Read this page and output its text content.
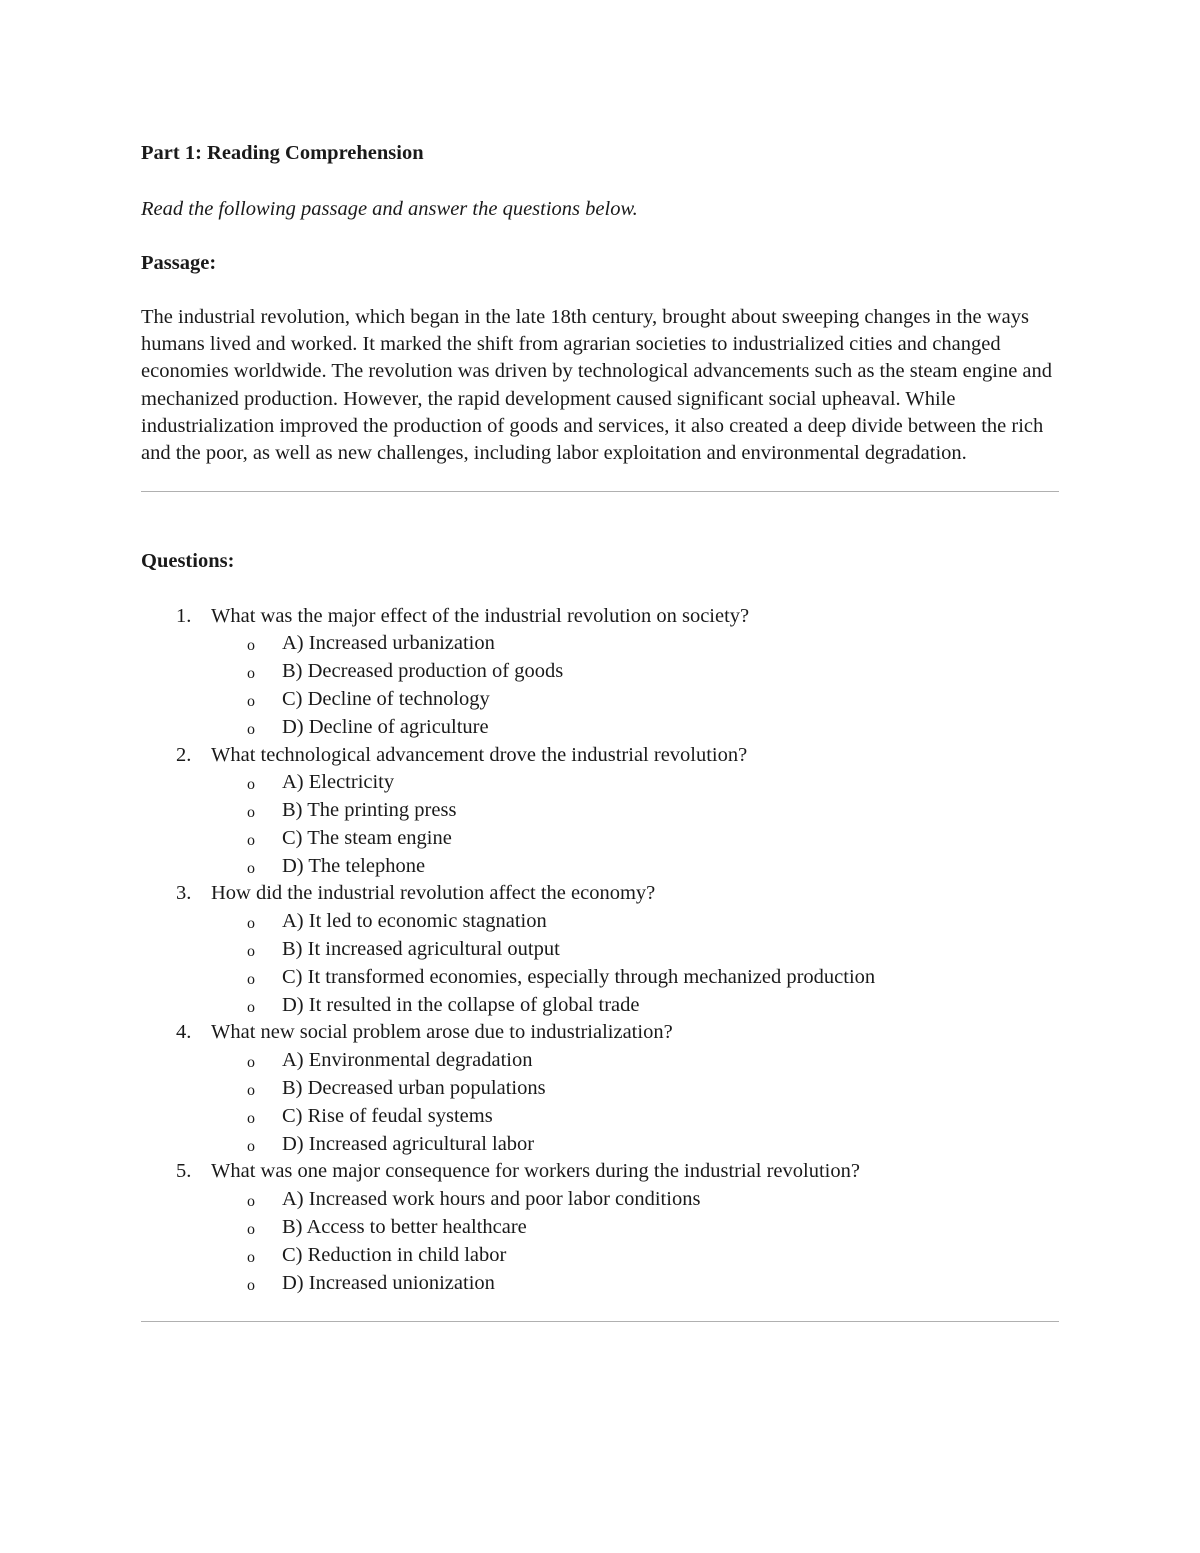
Part 1: Reading Comprehension
Read the following passage and answer the questions below.
Passage:
The industrial revolution, which began in the late 18th century, brought about sweeping changes in the ways humans lived and worked. It marked the shift from agrarian societies to industrialized cities and changed economies worldwide. The revolution was driven by technological advancements such as the steam engine and mechanized production. However, the rapid development caused significant social upheaval. While industrialization improved the production of goods and services, it also created a deep divide between the rich and the poor, as well as new challenges, including labor exploitation and environmental degradation.
Questions:
1. What was the major effect of the industrial revolution on society?
o	A) Increased urbanization
o	B) Decreased production of goods
o	C) Decline of technology
o	D) Decline of agriculture
2. What technological advancement drove the industrial revolution?
o	A) Electricity
o	B) The printing press
o	C) The steam engine
o	D) The telephone
3. How did the industrial revolution affect the economy?
o	A) It led to economic stagnation
o	B) It increased agricultural output
o	C) It transformed economies, especially through mechanized production
o	D) It resulted in the collapse of global trade
4. What new social problem arose due to industrialization?
o	A) Environmental degradation
o	B) Decreased urban populations
o	C) Rise of feudal systems
o	D) Increased agricultural labor
5. What was one major consequence for workers during the industrial revolution?
o	A) Increased work hours and poor labor conditions
o	B) Access to better healthcare
o	C) Reduction in child labor
o	D) Increased unionization
